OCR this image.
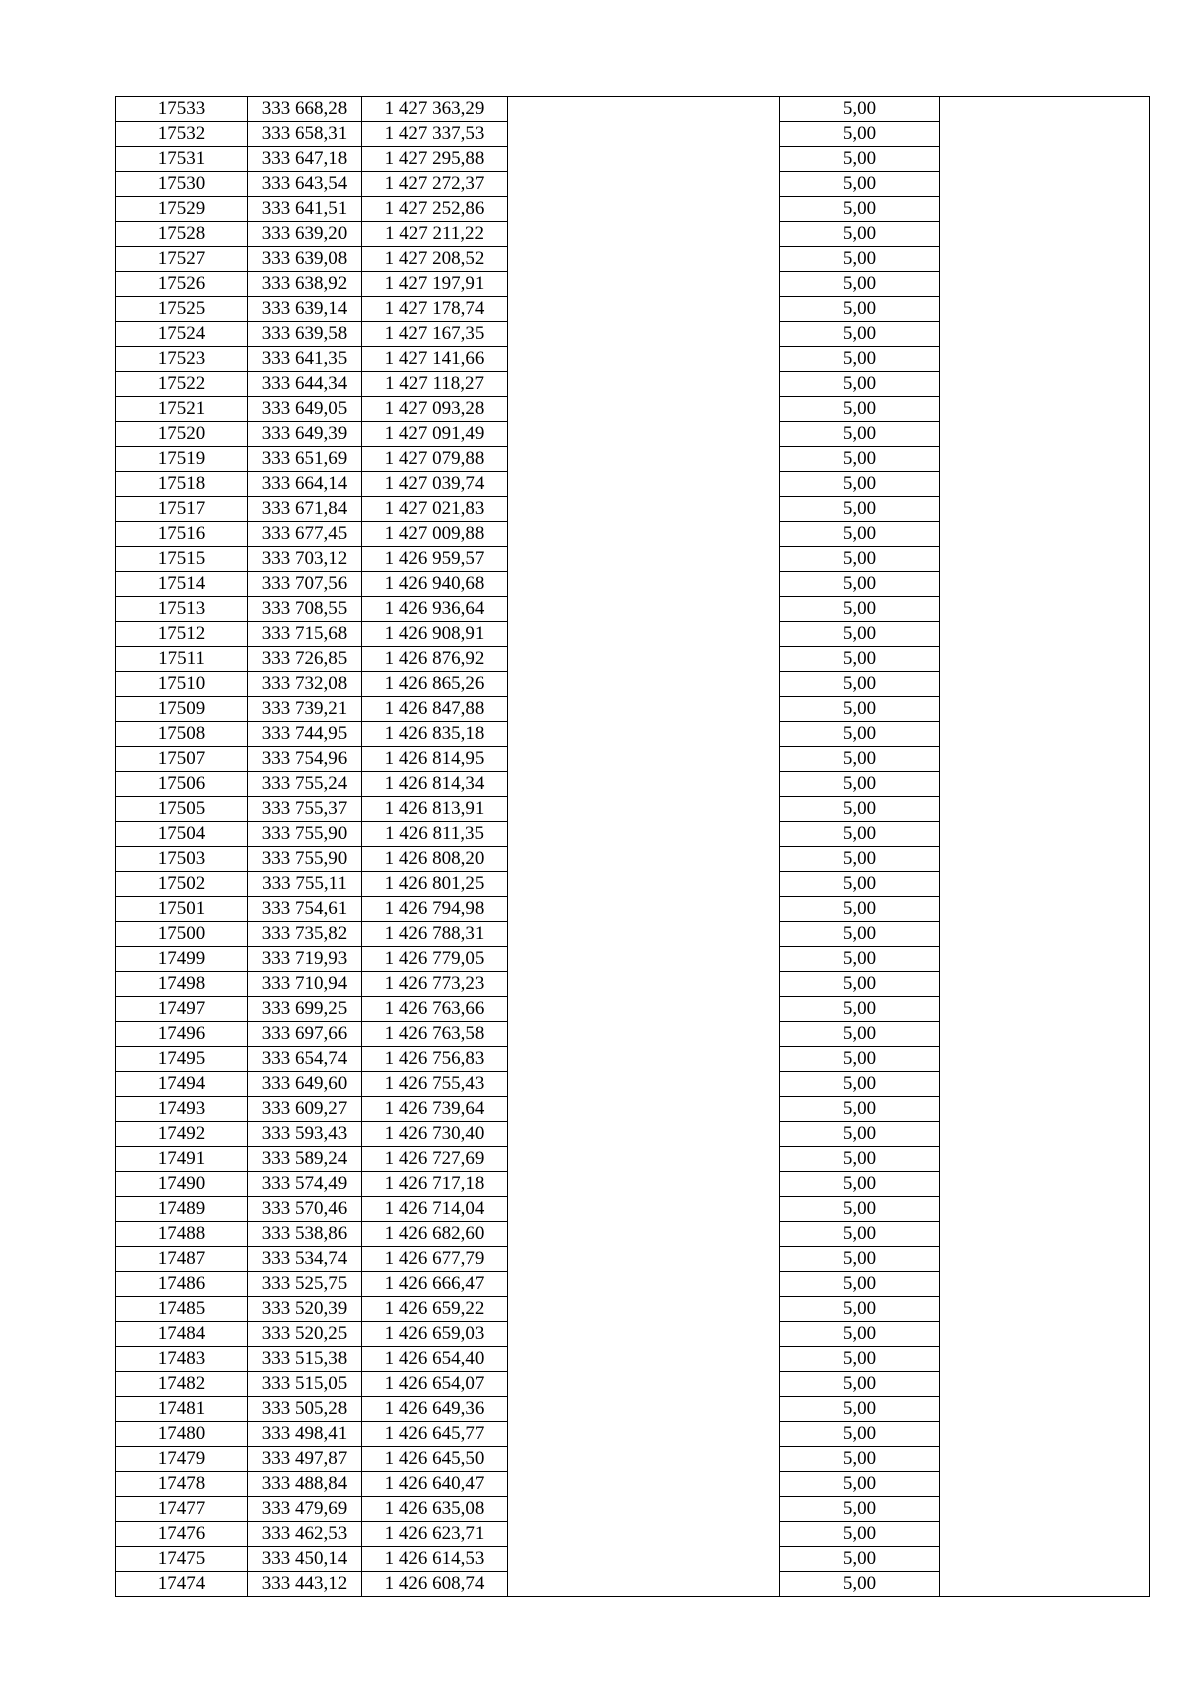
17533	333 668,28	1 427 363,29		5,00	
17532	333 658,31	1 427 337,53		5,00	
17531	333 647,18	1 427 295,88		5,00	
17530	333 643,54	1 427 272,37		5,00	
17529	333 641,51	1 427 252,86		5,00	
17528	333 639,20	1 427 211,22		5,00	
17527	333 639,08	1 427 208,52		5,00	
17526	333 638,92	1 427 197,91		5,00	
17525	333 639,14	1 427 178,74		5,00	
17524	333 639,58	1 427 167,35		5,00	
17523	333 641,35	1 427 141,66		5,00	
17522	333 644,34	1 427 118,27		5,00	
17521	333 649,05	1 427 093,28		5,00	
17520	333 649,39	1 427 091,49		5,00	
17519	333 651,69	1 427 079,88		5,00	
17518	333 664,14	1 427 039,74		5,00	
17517	333 671,84	1 427 021,83		5,00	
17516	333 677,45	1 427 009,88		5,00	
17515	333 703,12	1 426 959,57		5,00	
17514	333 707,56	1 426 940,68		5,00	
17513	333 708,55	1 426 936,64		5,00	
17512	333 715,68	1 426 908,91		5,00	
17511	333 726,85	1 426 876,92		5,00	
17510	333 732,08	1 426 865,26		5,00	
17509	333 739,21	1 426 847,88		5,00	
17508	333 744,95	1 426 835,18		5,00	
17507	333 754,96	1 426 814,95		5,00	
17506	333 755,24	1 426 814,34		5,00	
17505	333 755,37	1 426 813,91		5,00	
17504	333 755,90	1 426 811,35		5,00	
17503	333 755,90	1 426 808,20		5,00	
17502	333 755,11	1 426 801,25		5,00	
17501	333 754,61	1 426 794,98		5,00	
17500	333 735,82	1 426 788,31		5,00	
17499	333 719,93	1 426 779,05		5,00	
17498	333 710,94	1 426 773,23		5,00	
17497	333 699,25	1 426 763,66		5,00	
17496	333 697,66	1 426 763,58		5,00	
17495	333 654,74	1 426 756,83		5,00	
17494	333 649,60	1 426 755,43		5,00	
17493	333 609,27	1 426 739,64		5,00	
17492	333 593,43	1 426 730,40		5,00	
17491	333 589,24	1 426 727,69		5,00	
17490	333 574,49	1 426 717,18		5,00	
17489	333 570,46	1 426 714,04		5,00	
17488	333 538,86	1 426 682,60		5,00	
17487	333 534,74	1 426 677,79		5,00	
17486	333 525,75	1 426 666,47		5,00	
17485	333 520,39	1 426 659,22		5,00	
17484	333 520,25	1 426 659,03		5,00	
17483	333 515,38	1 426 654,40		5,00	
17482	333 515,05	1 426 654,07		5,00	
17481	333 505,28	1 426 649,36		5,00	
17480	333 498,41	1 426 645,77		5,00	
17479	333 497,87	1 426 645,50		5,00	
17478	333 488,84	1 426 640,47		5,00	
17477	333 479,69	1 426 635,08		5,00	
17476	333 462,53	1 426 623,71		5,00	
17475	333 450,14	1 426 614,53		5,00	
17474	333 443,12	1 426 608,74		5,00	
